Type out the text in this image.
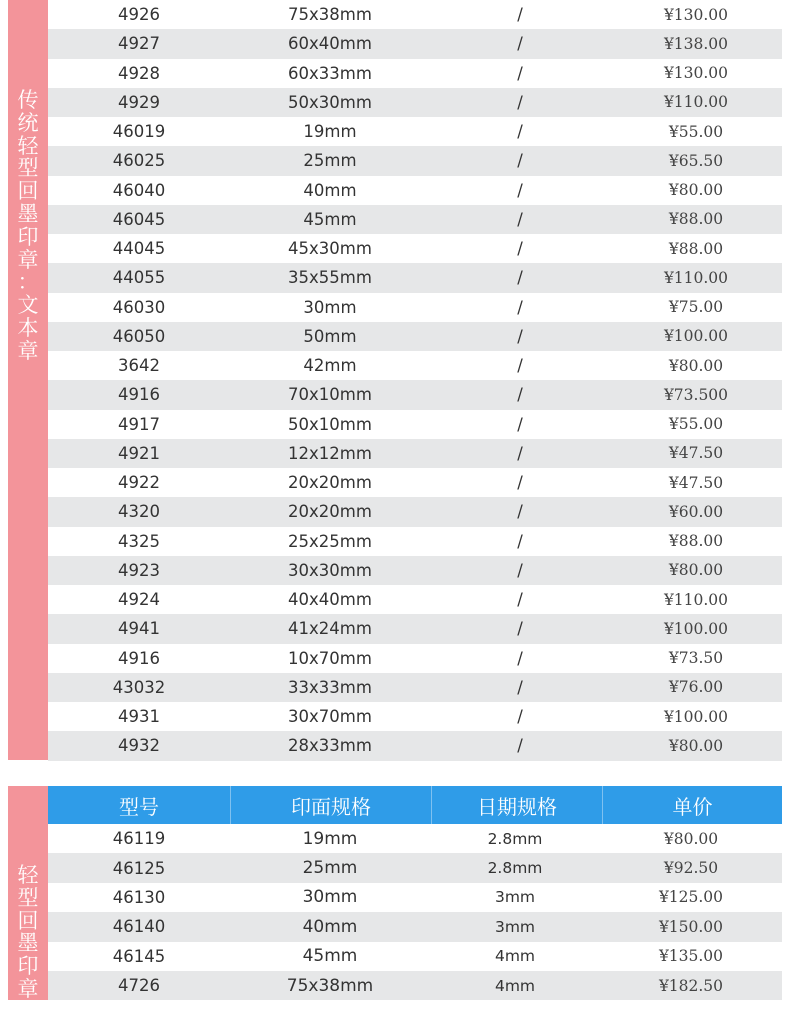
传
统
轻
型
回
墨
印
章
：
文
本
章
4926	75x38mm	/	¥130.00
4927	60x40mm	/	¥138.00
4928	60x33mm	/	¥130.00
4929	50x30mm	/	¥110.00
46019	19mm	/	¥55.00
46025	25mm	/	¥65.50
46040	40mm	/	¥80.00
46045	45mm	/	¥88.00
44045	45x30mm	/	¥88.00
44055	35x55mm	/	¥110.00
46030	30mm	/	¥75.00
46050	50mm	/	¥100.00
3642	42mm	/	¥80.00
4916	70x10mm	/	¥73.500
4917	50x10mm	/	¥55.00
4921	12x12mm	/	¥47.50
4922	20x20mm	/	¥47.50
4320	20x20mm	/	¥60.00
4325	25x25mm	/	¥88.00
4923	30x30mm	/	¥80.00
4924	40x40mm	/	¥110.00
4941	41x24mm	/	¥100.00
4916	10x70mm	/	¥73.50
43032	33x33mm	/	¥76.00
4931	30x70mm	/	¥100.00
4932	28x33mm	/	¥80.00
轻
型
回
墨
印
章
：
型号	印面规格	日期规格	单价
46119	19mm	2.8mm	¥80.00
46125	25mm	2.8mm	¥92.50
46130	30mm	3mm	¥125.00
46140	40mm	3mm	¥150.00
46145	45mm	4mm	¥135.00
4726	75x38mm	4mm	¥182.50
